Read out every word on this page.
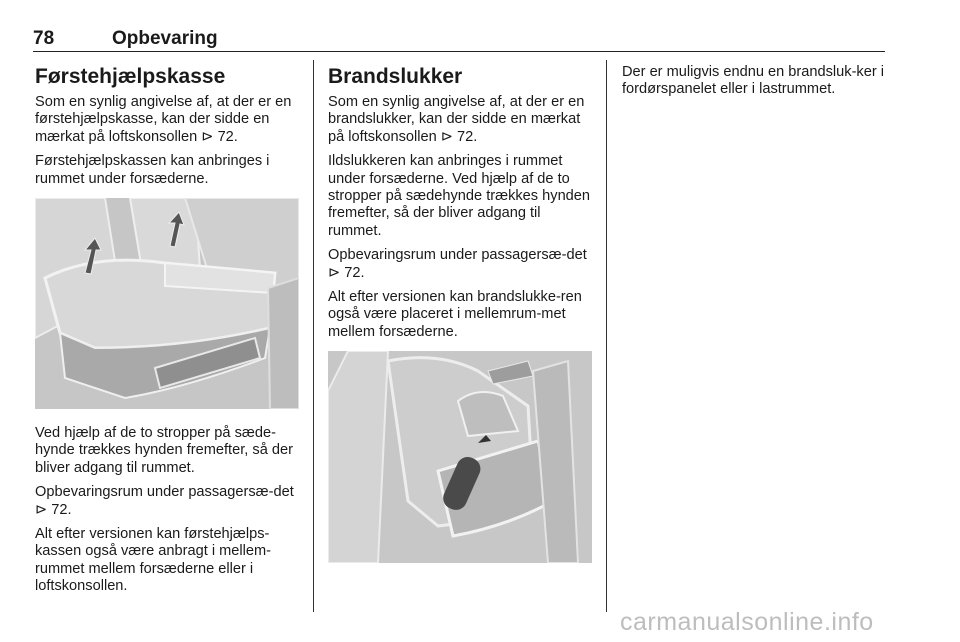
78	Opbevaring
Førstehjælpskasse

Som en synlig angivelse af, at der er en førstehjælpskasse, kan der sidde en mærkat på loftskonsollen ⊳ 72.

Førstehjælpskassen kan anbringes i rummet under forsæderne.

Ved hjælp af de to stropper på sæde-hynde trækkes hynden fremefter, så der bliver adgang til rummet.

Opbevaringsrum under passagersæ-det ⊳ 72.

Alt efter versionen kan førstehjælps-kassen også være anbragt i mellem-rummet mellem forsæderne eller i loftskonsollen.

Brandslukker

Som en synlig angivelse af, at der er en brandslukker, kan der sidde en mærkat på loftskonsollen ⊳ 72.

Ildslukkeren kan anbringes i rummet under forsæderne. Ved hjælp af de to stropper på sædehynde trækkes hynden fremefter, så der bliver adgang til rummet.

Opbevaringsrum under passagersæ-det ⊳ 72.

Alt efter versionen kan brandslukke-ren også være placeret i mellemrum-met mellem forsæderne.

Der er muligvis endnu en brandsluk-ker i fordørspanelet eller i lastrummet.

carmanualsonline.info
